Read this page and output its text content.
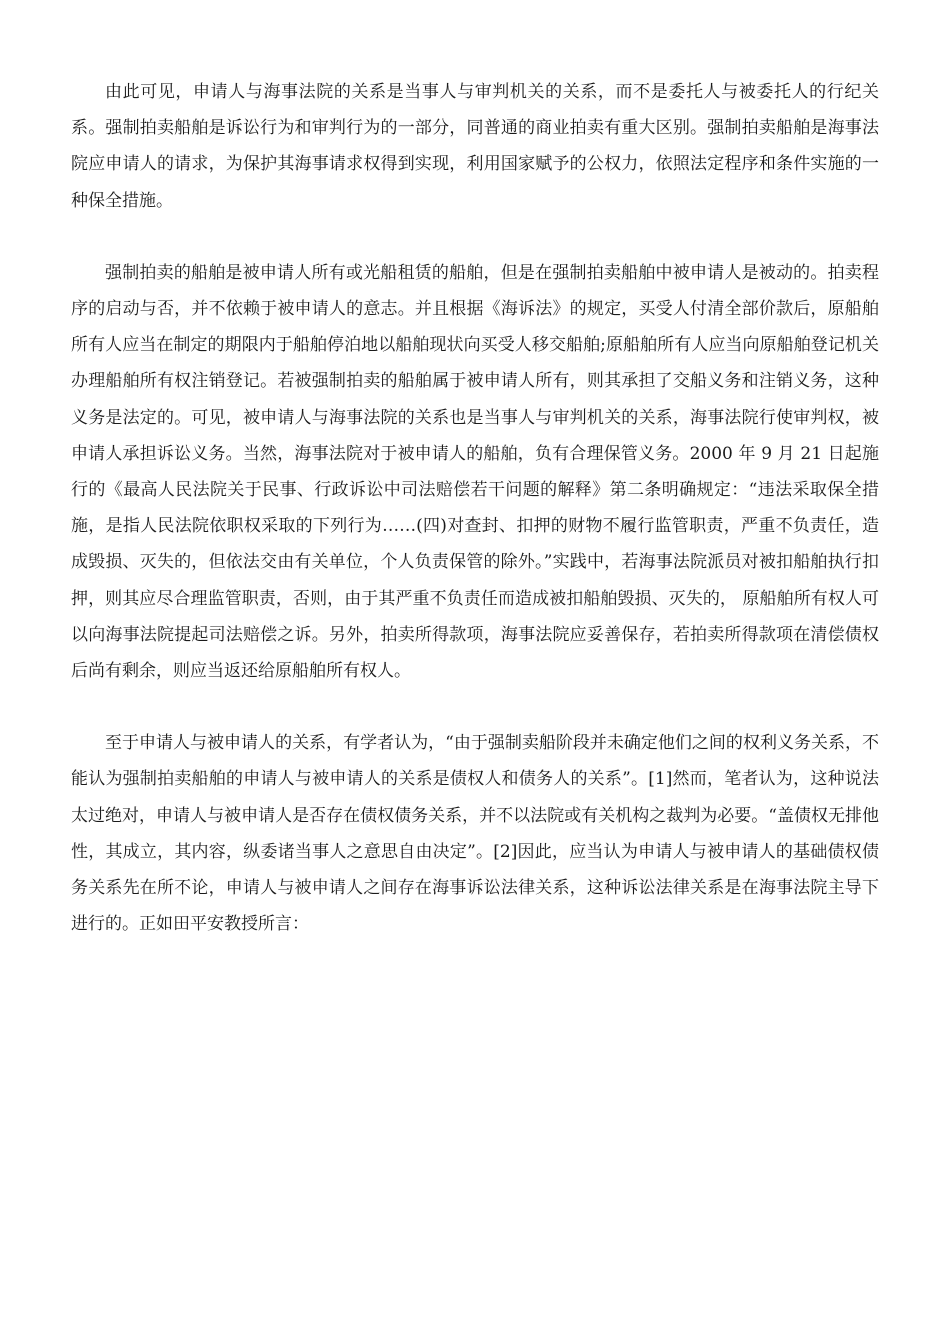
由此可见，申请人与海事法院的关系是当事人与审判机关的关系，而不是委托人与被委托人的行纪关系。强制拍卖船舶是诉讼行为和审判行为的一部分，同普通的商业拍卖有重大区别。强制拍卖船舶是海事法院应申请人的请求，为保护其海事请求权得到实现，利用国家赋予的公权力，依照法定程序和条件实施的一种保全措施。

强制拍卖的船舶是被申请人所有或光船租赁的船舶，但是在强制拍卖船舶中被申请人是被动的。拍卖程序的启动与否，并不依赖于被申请人的意志。并且根据《海诉法》的规定，买受人付清全部价款后，原船舶所有人应当在制定的期限内于船舶停泊地以船舶现状向买受人移交船舶;原船舶所有人应当向原船舶登记机关办理船舶所有权注销登记。若被强制拍卖的船舶属于被申请人所有，则其承担了交船义务和注销义务，这种义务是法定的。可见，被申请人与海事法院的关系也是当事人与审判机关的关系，海事法院行使审判权，被申请人承担诉讼义务。当然，海事法院对于被申请人的船舶，负有合理保管义务。2000 年 9 月 21 日起施行的《最高人民法院关于民事、行政诉讼中司法赔偿若干问题的解释》第二条明确规定：“违法采取保全措施，是指人民法院依职权采取的下列行为……(四)对查封、扣押的财物不履行监管职责，严重不负责任，造成毁损、灭失的，但依法交由有关单位，个人负责保管的除外。”实践中，若海事法院派员对被扣船舶执行扣押，则其应尽合理监管职责，否则，由于其严重不负责任而造成被扣船舶毁损、灭失的， 原船舶所有权人可以向海事法院提起司法赔偿之诉。另外，拍卖所得款项，海事法院应妥善保存，若拍卖所得款项在清偿债权后尚有剩余，则应当返还给原船舶所有权人。

至于申请人与被申请人的关系，有学者认为，“由于强制卖船阶段并未确定他们之间的权利义务关系，不能认为强制拍卖船舶的申请人与被申请人的关系是债权人和债务人的关系”。[1]然而，笔者认为，这种说法太过绝对，申请人与被申请人是否存在债权债务关系，并不以法院或有关机构之裁判为必要。“盖债权无排他性，其成立，其内容，纵委诸当事人之意思自由决定”。[2]因此，应当认为申请人与被申请人的基础债权债务关系先在所不论，申请人与被申请人之间存在海事诉讼法律关系，这种诉讼法律关系是在海事法院主导下进行的。正如田平安教授所言：
